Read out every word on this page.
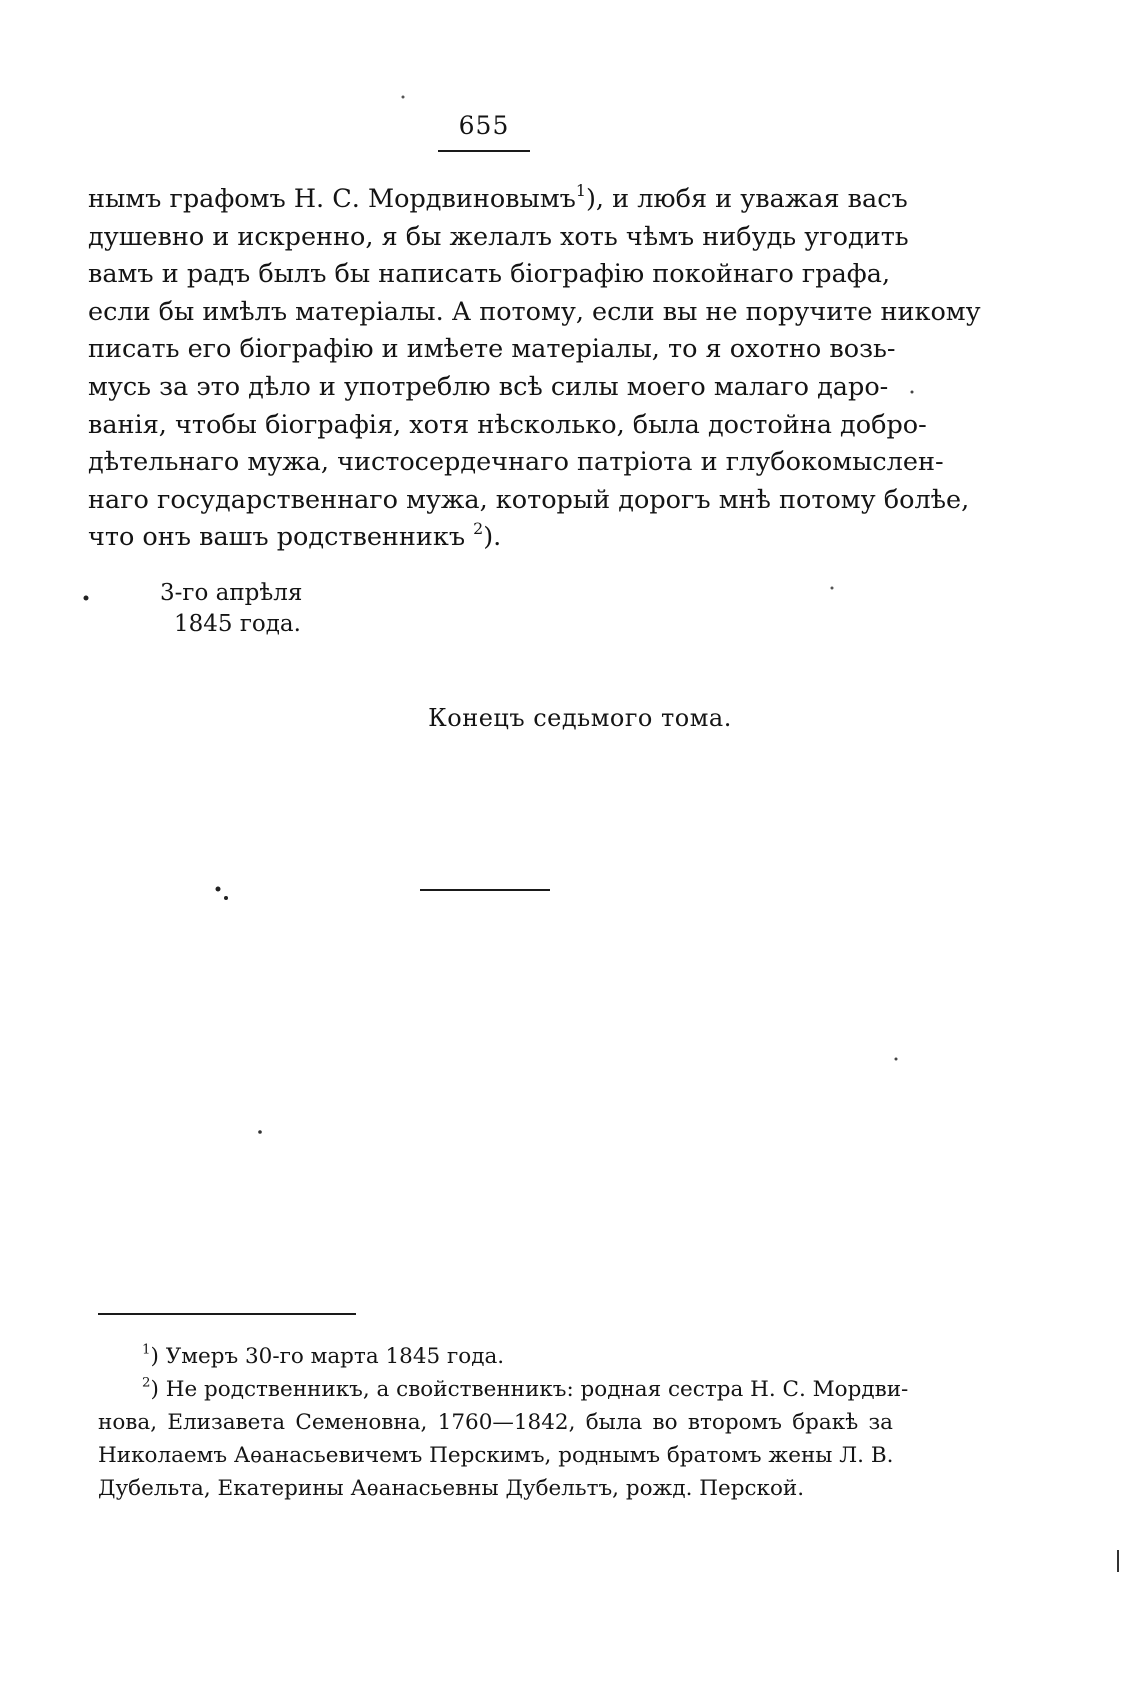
655
нымъ графомъ Н. С. Мордвиновымъ$^1$), и любя и уважая васъ
душевно и искренно, я бы желалъ хоть чѣмъ нибудь угодить
вамъ и радъ былъ бы написать біографію покойнаго графа,
если бы имѣлъ матеріалы. А потому, если вы не поручите никому
писать его біографію и имѣете матеріалы, то я охотно возь-
мусь за это дѣло и употреблю всѣ силы моего малаго даро-
ванія, чтобы біографія, хотя нѣсколько, была достойна добро-
дѣтельнаго мужа, чистосердечнаго патріота и глубокомыслен-
наго государственнаго мужа, который дорогъ мнѣ потому болѣе,
что онъ вашъ родственникъ $^2$).
3-го апрѣля
1845 года.
Конецъ седьмого тома.
$^1$) Умеръ 30-го марта 1845 года.
$^2$) Не родственникъ, а свойственникъ: родная сестра Н. С. Мордви-
нова, Елизавета Семеновна, 1760—1842, была во второмъ бракѣ за
Николаемъ Аѳанасьевичемъ Перскимъ, роднымъ братомъ жены Л. В.
Дубельта, Екатерины Аѳанасьевны Дубельтъ, рожд. Перской.
